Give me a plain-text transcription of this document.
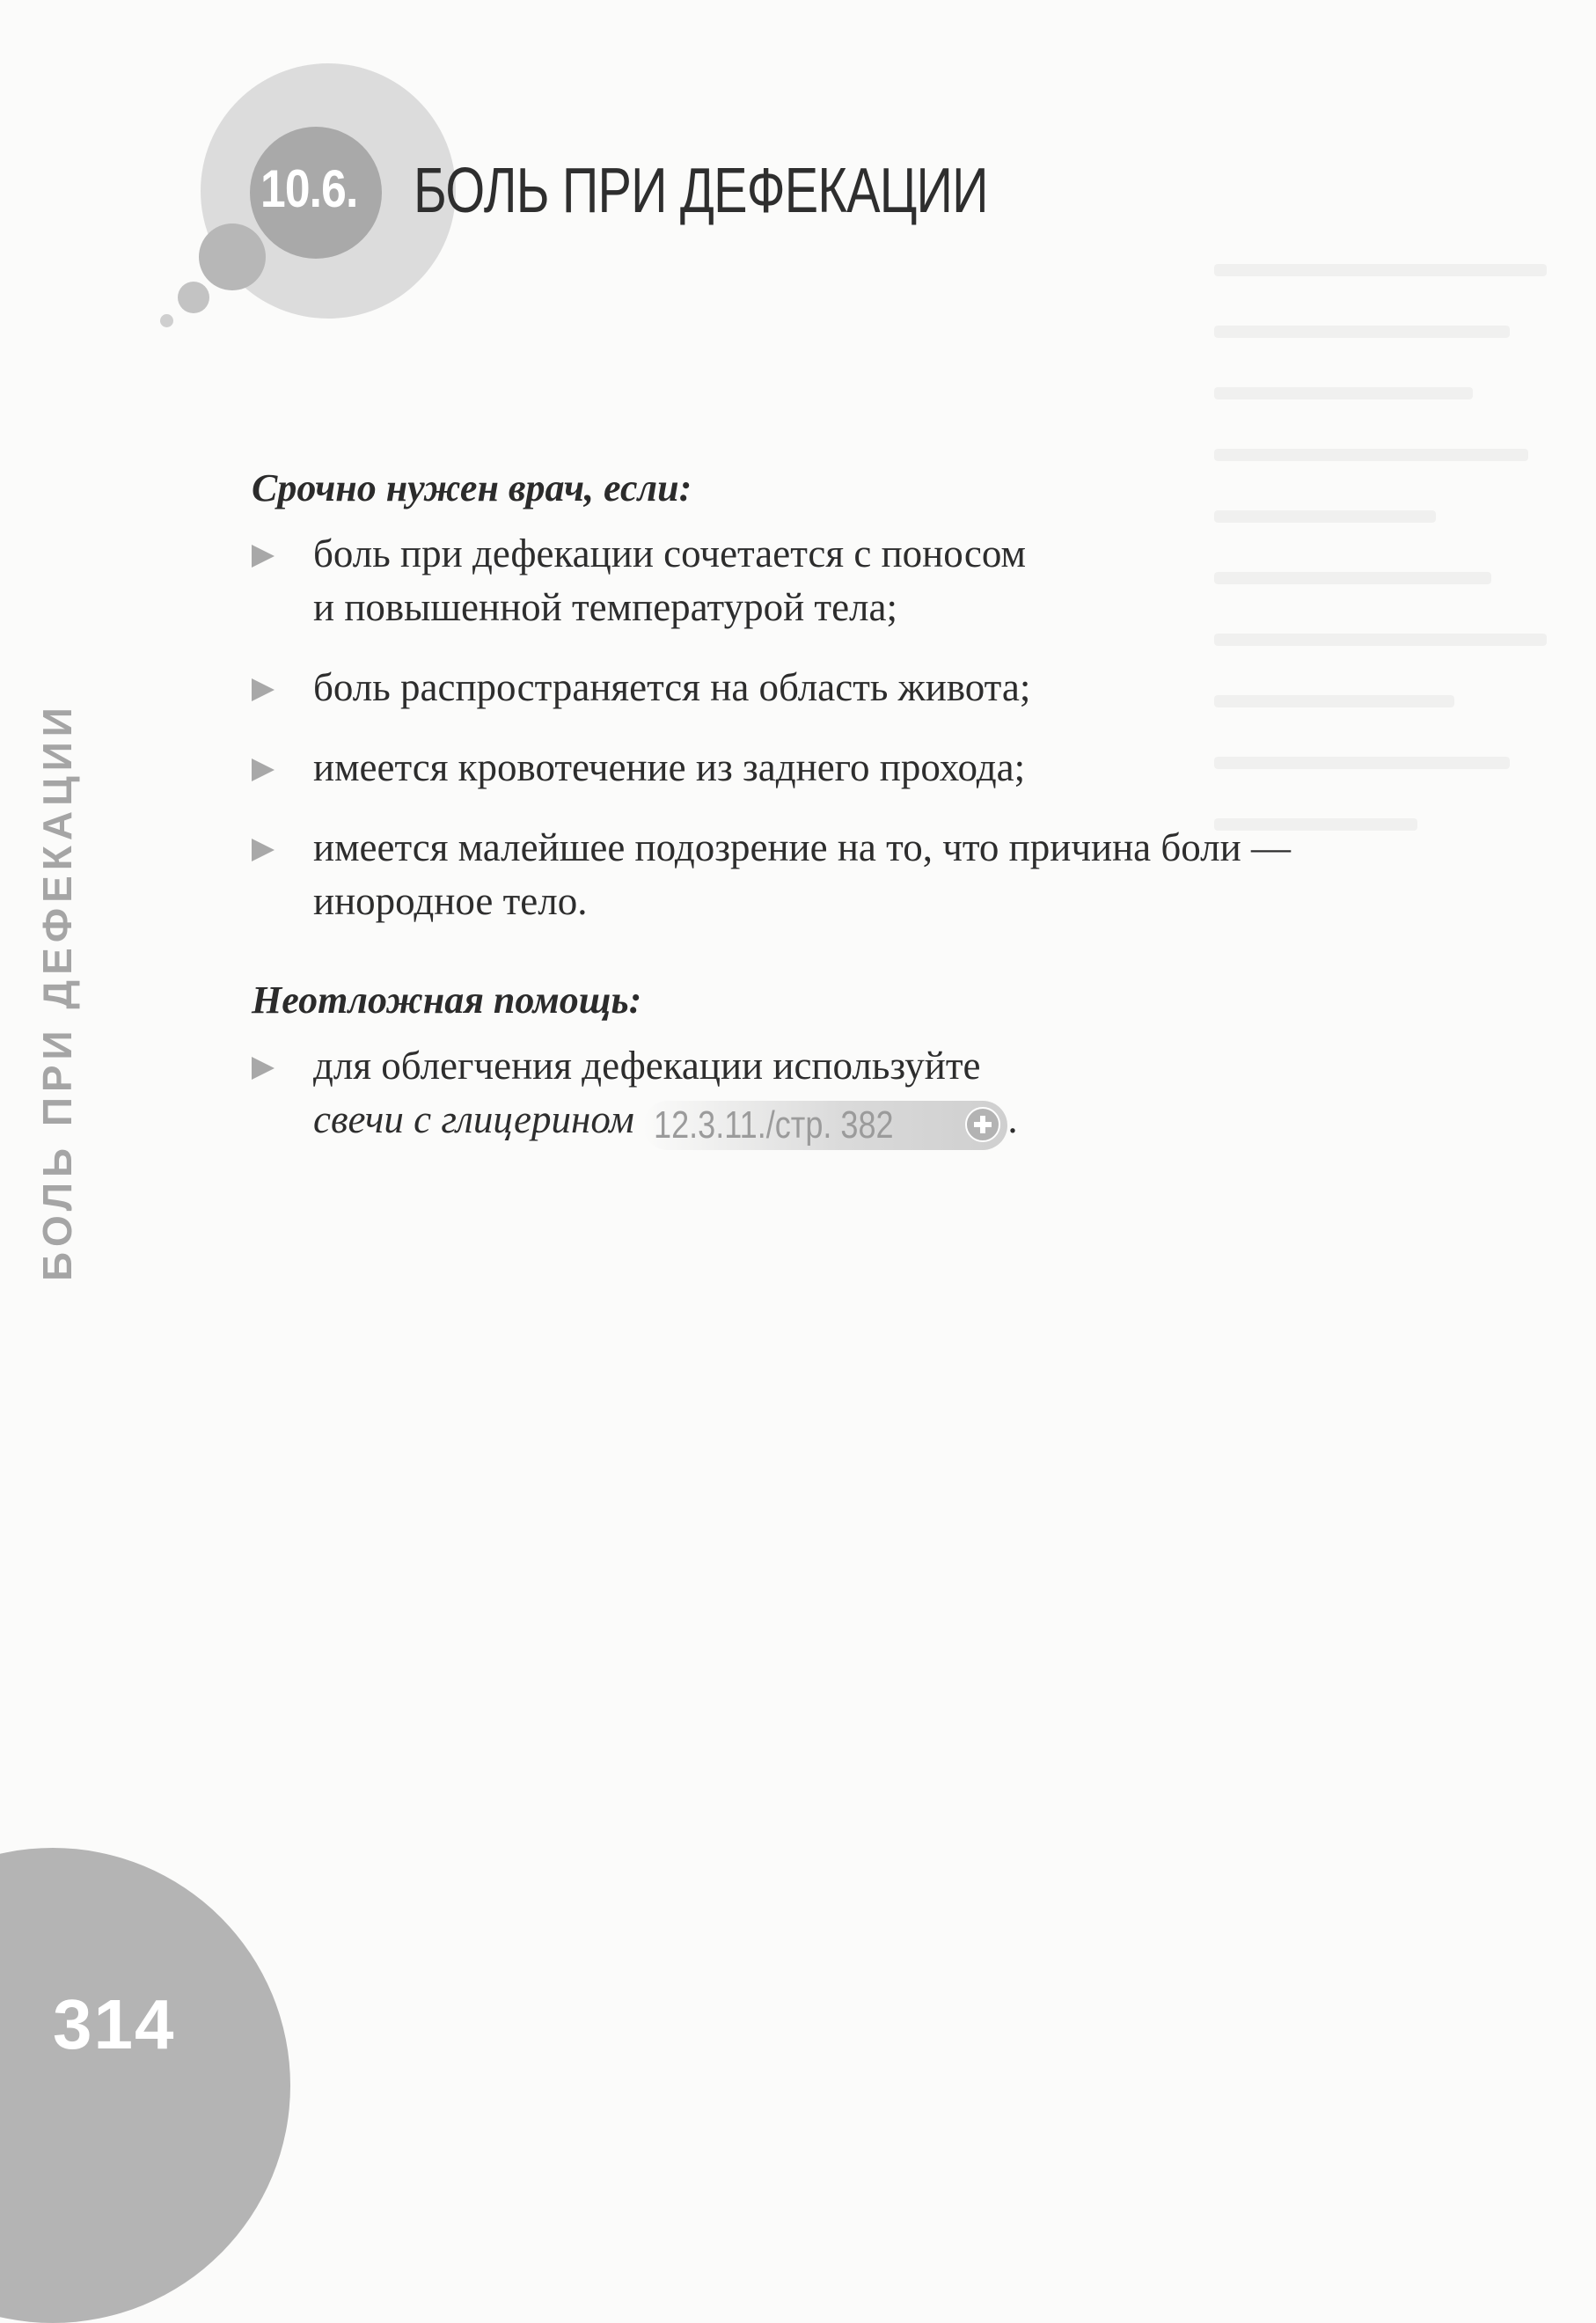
10.6. БОЛЬ ПРИ ДЕФЕКАЦИИ
БОЛЬ ПРИ ДЕФЕКАЦИИ
314
Срочно нужен врач, если:
боль при дефекации сочетается с поносом
и повышенной температурой тела;
боль распространяется на область живота;
имеется кровотечение из заднего прохода;
имеется малейшее подозрение на то, что причина боли —
инородное тело.
Неотложная помощь:
для облегчения дефекации используйте
свечи с глицерином 12.3.11./стр. 382	.
